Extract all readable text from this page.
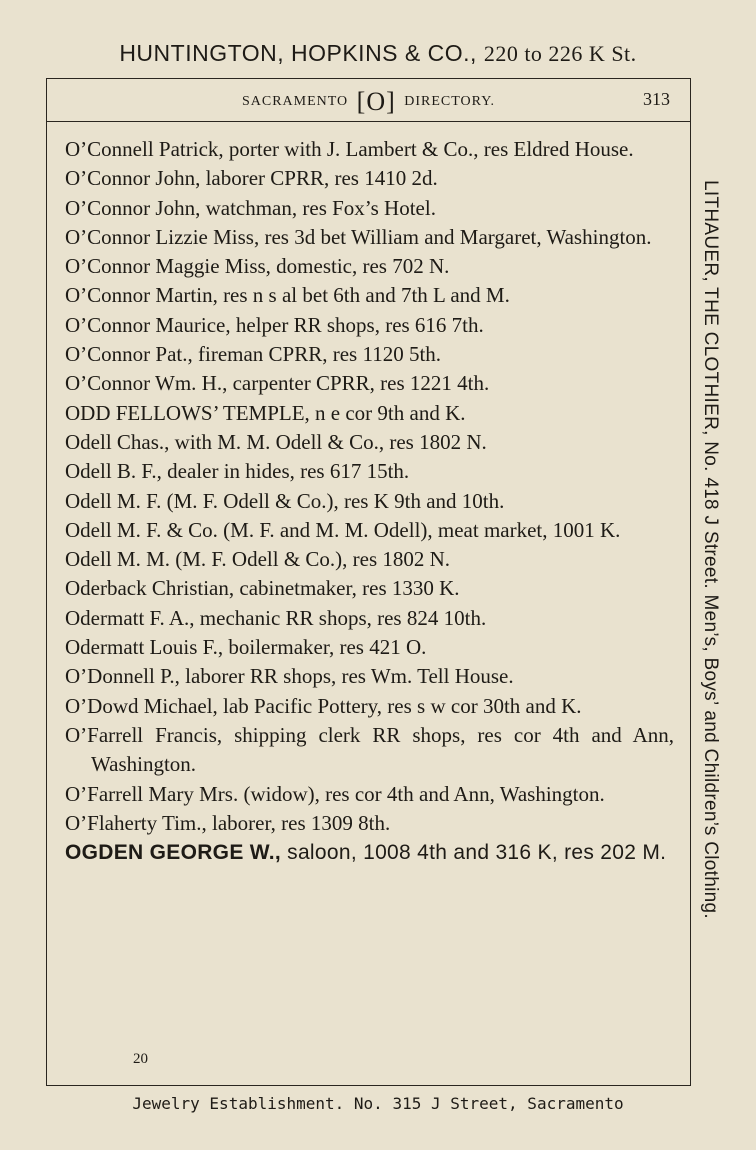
HUNTINGTON, HOPKINS & CO., 220 to 226 K St.
SACRAMENTO [O] DIRECTORY.	313
O’Connell Patrick, porter with J. Lambert & Co., res Eldred House.
O’Connor John, laborer CPRR, res 1410 2d.
O’Connor John, watchman, res Fox’s Hotel.
O’Connor Lizzie Miss, res 3d bet William and Margaret, Washington.
O’Connor Maggie Miss, domestic, res 702 N.
O’Connor Martin, res n s al bet 6th and 7th L and M.
O’Connor Maurice, helper RR shops, res 616 7th.
O’Connor Pat., fireman CPRR, res 1120 5th.
O’Connor Wm. H., carpenter CPRR, res 1221 4th.
ODD FELLOWS’ TEMPLE, n e cor 9th and K.
Odell Chas., with M. M. Odell & Co., res 1802 N.
Odell B. F., dealer in hides, res 617 15th.
Odell M. F. (M. F. Odell & Co.), res K 9th and 10th.
Odell M. F. & Co. (M. F. and M. M. Odell), meat market, 1001 K.
Odell M. M. (M. F. Odell & Co.), res 1802 N.
Oderback Christian, cabinetmaker, res 1330 K.
Odermatt F. A., mechanic RR shops, res 824 10th.
Odermatt Louis F., boilermaker, res 421 O.
O’Donnell P., laborer RR shops, res Wm. Tell House.
O’Dowd Michael, lab Pacific Pottery, res s w cor 30th and K.
O’Farrell Francis, shipping clerk RR shops, res cor 4th and Ann, Washington.
O’Farrell Mary Mrs. (widow), res cor 4th and Ann, Washington.
O’Flaherty Tim., laborer, res 1309 8th.
OGDEN GEORGE W., saloon, 1008 4th and 316 K, res 202 M.
20
LITHAUER, THE CLOTHIER, No. 418 J Street. Men’s, Boys’ and Children’s Clothing.
Jewelry Establishment. No. 315 J Street, Sacramento
